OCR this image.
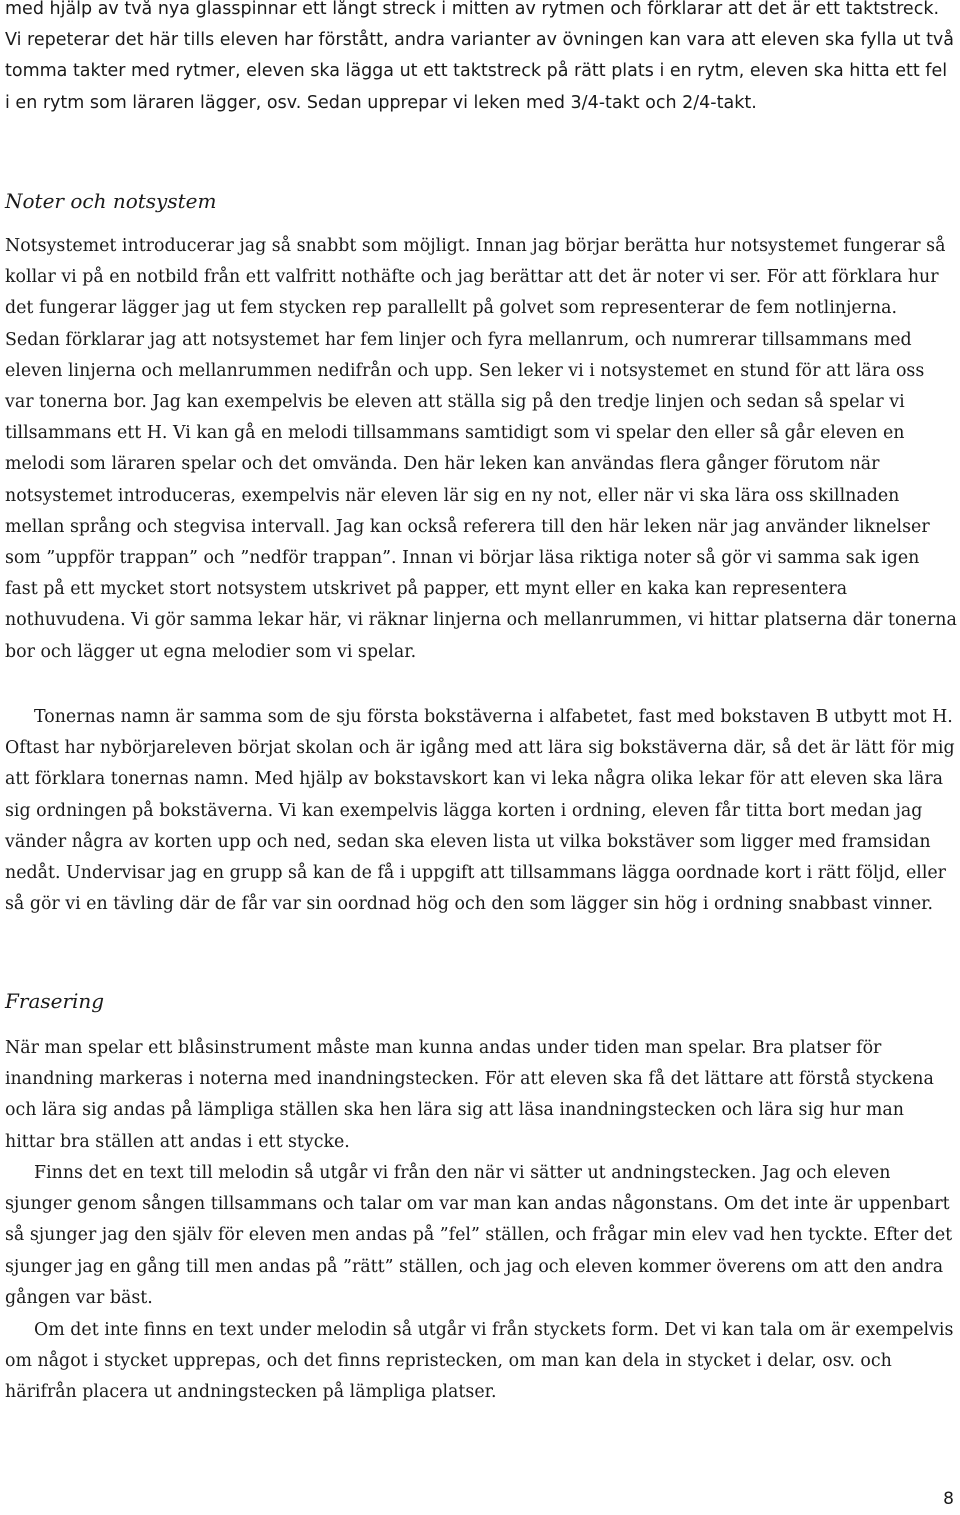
med hjälp av två nya glasspinnar ett långt streck i mitten av rytmen och förklarar att det är ett taktstreck. Vi repeterar det här tills eleven har förstått, andra varianter av övningen kan vara att eleven ska fylla ut två tomma takter med rytmer, eleven ska lägga ut ett taktstreck på rätt plats i en rytm, eleven ska hitta ett fel i en rytm som läraren lägger, osv. Sedan upprepar vi leken med 3/4-takt och 2/4-takt.

Noter och notsystem

Notsystemet introducerar jag så snabbt som möjligt. Innan jag börjar berätta hur notsystemet fungerar så kollar vi på en notbild från ett valfritt nothäfte och jag berättar att det är noter vi ser. För att förklara hur det fungerar lägger jag ut fem stycken rep parallellt på golvet som representerar de fem notlinjerna. Sedan förklarar jag att notsystemet har fem linjer och fyra mellanrum, och numrerar tillsammans med eleven linjerna och mellanrummen nedifrån och upp. Sen leker vi i notsystemet en stund för att lära oss var tonerna bor. Jag kan exempelvis be eleven att ställa sig på den tredje linjen och sedan så spelar vi tillsammans ett H. Vi kan gå en melodi tillsammans samtidigt som vi spelar den eller så går eleven en melodi som läraren spelar och det omvända. Den här leken kan användas flera gånger förutom när notsystemet introduceras, exempelvis när eleven lär sig en ny not, eller när vi ska lära oss skillnaden mellan språng och stegvisa intervall. Jag kan också referera till den här leken när jag använder liknelser som ”uppför trappan” och ”nedför trappan”. Innan vi börjar läsa riktiga noter så gör vi samma sak igen fast på ett mycket stort notsystem utskrivet på papper, ett mynt eller en kaka kan representera nothuvudena. Vi gör samma lekar här, vi räknar linjerna och mellanrummen, vi hittar platserna där tonerna bor och lägger ut egna melodier som vi spelar.

Tonernas namn är samma som de sju första bokstäverna i alfabetet, fast med bokstaven B utbytt mot H. Oftast har nybörjareleven börjat skolan och är igång med att lära sig bokstäverna där, så det är lätt för mig att förklara tonernas namn. Med hjälp av bokstavskort kan vi leka några olika lekar för att eleven ska lära sig ordningen på bokstäverna. Vi kan exempelvis lägga korten i ordning, eleven får titta bort medan jag vänder några av korten upp och ned, sedan ska eleven lista ut vilka bokstäver som ligger med framsidan nedåt. Undervisar jag en grupp så kan de få i uppgift att tillsammans lägga oordnade kort i rätt följd, eller så gör vi en tävling där de får var sin oordnad hög och den som lägger sin hög i ordning snabbast vinner.

Frasering

När man spelar ett blåsinstrument måste man kunna andas under tiden man spelar. Bra platser för inandning markeras i noterna med inandningstecken. För att eleven ska få det lättare att förstå styckena och lära sig andas på lämpliga ställen ska hen lära sig att läsa inandningstecken och lära sig hur man hittar bra ställen att andas i ett stycke.

Finns det en text till melodin så utgår vi från den när vi sätter ut andningstecken. Jag och eleven sjunger genom sången tillsammans och talar om var man kan andas någonstans. Om det inte är uppenbart så sjunger jag den själv för eleven men andas på ”fel” ställen, och frågar min elev vad hen tyckte. Efter det sjunger jag en gång till men andas på ”rätt” ställen, och jag och eleven kommer överens om att den andra gången var bäst.

Om det inte finns en text under melodin så utgår vi från styckets form. Det vi kan tala om är exempelvis om något i stycket upprepas, och det finns repristecken, om man kan dela in stycket i delar, osv. och härifrån placera ut andningstecken på lämpliga platser.

8
